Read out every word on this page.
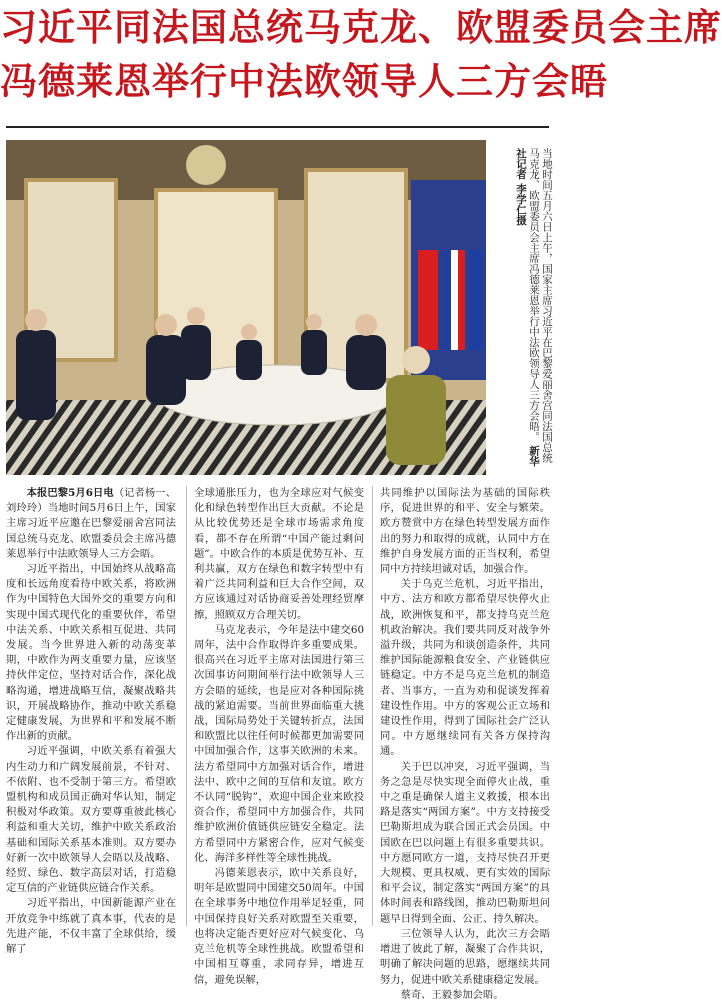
习近平同法国总统马克龙、欧盟委员会主席
冯德莱恩举行中法欧领导人三方会晤
当地时间五月六日上午，国家主席习近平在巴黎爱丽舍宫同法国总统马克龙、欧盟委员会主席冯德莱恩举行中法欧领导人三方会晤。 新华社记者 李学仁摄

本报巴黎5月6日电（记者杨一、刘玲玲）当地时间5月6日上午，国家主席习近平应邀在巴黎爱丽舍宫同法国总统马克龙、欧盟委员会主席冯德莱恩举行中法欧领导人三方会晤。

习近平指出，中国始终从战略高度和长远角度看待中欧关系，将欧洲作为中国特色大国外交的重要方向和实现中国式现代化的重要伙伴，希望中法关系、中欧关系相互促进、共同发展。当今世界进入新的动荡变革期，中欧作为两支重要力量，应该坚持伙伴定位，坚持对话合作，深化战略沟通，增进战略互信，凝聚战略共识，开展战略协作，推动中欧关系稳定健康发展，为世界和平和发展不断作出新的贡献。

习近平强调，中欧关系有着强大内生动力和广阔发展前景，不针对、不依附、也不受制于第三方。希望欧盟机构和成员国正确对华认知，制定积极对华政策。双方要尊重彼此核心利益和重大关切，维护中欧关系政治基础和国际关系基本准则。双方要办好新一次中欧领导人会晤以及战略、经贸、绿色、数字高层对话，打造稳定互信的产业链供应链合作关系。

习近平指出，中国新能源产业在开放竞争中练就了真本事，代表的是先进产能，不仅丰富了全球供给，缓解了

全球通胀压力，也为全球应对气候变化和绿色转型作出巨大贡献。不论是从比较优势还是全球市场需求角度看，都不存在所谓“中国产能过剩问题”。中欧合作的本质是优势互补、互利共赢，双方在绿色和数字转型中有着广泛共同利益和巨大合作空间，双方应该通过对话协商妥善处理经贸摩擦，照顾双方合理关切。

马克龙表示，今年是法中建交60周年，法中合作取得许多重要成果。很高兴在习近平主席对法国进行第三次国事访问期间举行法中欧领导人三方会晤的延续，也是应对各种国际挑战的紧迫需要。当前世界面临重大挑战，国际局势处于关键转折点，法国和欧盟比以往任何时候都更加需要同中国加强合作，这事关欧洲的未来。法方希望同中方加强对话合作，增进法中、欧中之间的互信和友谊。欧方不认同“脱钩”，欢迎中国企业来欧投资合作，希望同中方加强合作，共同维护欧洲价值链供应链安全稳定。法方希望同中方紧密合作，应对气候变化、海洋多样性等全球性挑战。

冯德莱恩表示，欧中关系良好，明年是欧盟同中国建交50周年。中国在全球事务中地位作用举足轻重，同中国保持良好关系对欧盟至关重要，也将决定能否更好应对气候变化、乌克兰危机等全球性挑战。欧盟希望和中国相互尊重，求同存异，增进互信，避免误解，

共同维护以国际法为基础的国际秩序，促进世界的和平、安全与繁荣。欧方赞赏中方在绿色转型发展方面作出的努力和取得的成就，认同中方在维护自身发展方面的正当权利，希望同中方持续坦诚对话，加强合作。

关于乌克兰危机，习近平指出，中方、法方和欧方都希望尽快停火止战，欧洲恢复和平，都支持乌克兰危机政治解决。我们要共同反对战争外溢升级，共同为和谈创造条件，共同维护国际能源粮食安全、产业链供应链稳定。中方不是乌克兰危机的制造者、当事方，一直为劝和促谈发挥着建设性作用。中方的客观公正立场和建设性作用，得到了国际社会广泛认同。中方愿继续同有关各方保持沟通。

关于巴以冲突，习近平强调，当务之急是尽快实现全面停火止战，重中之重是确保人道主义救援，根本出路是落实“两国方案”。中方支持接受巴勒斯坦成为联合国正式会员国。中国欧在巴以问题上有很多重要共识。中方愿同欧方一道，支持尽快召开更大规模、更具权威、更有实效的国际和平会议，制定落实“两国方案”的具体时间表和路线图，推动巴勒斯坦问题早日得到全面、公正、持久解决。

三位领导人认为，此次三方会晤增进了彼此了解，凝聚了合作共识，明确了解决问题的思路，愿继续共同努力，促进中欧关系健康稳定发展。

蔡奇、王毅参加会晤。
